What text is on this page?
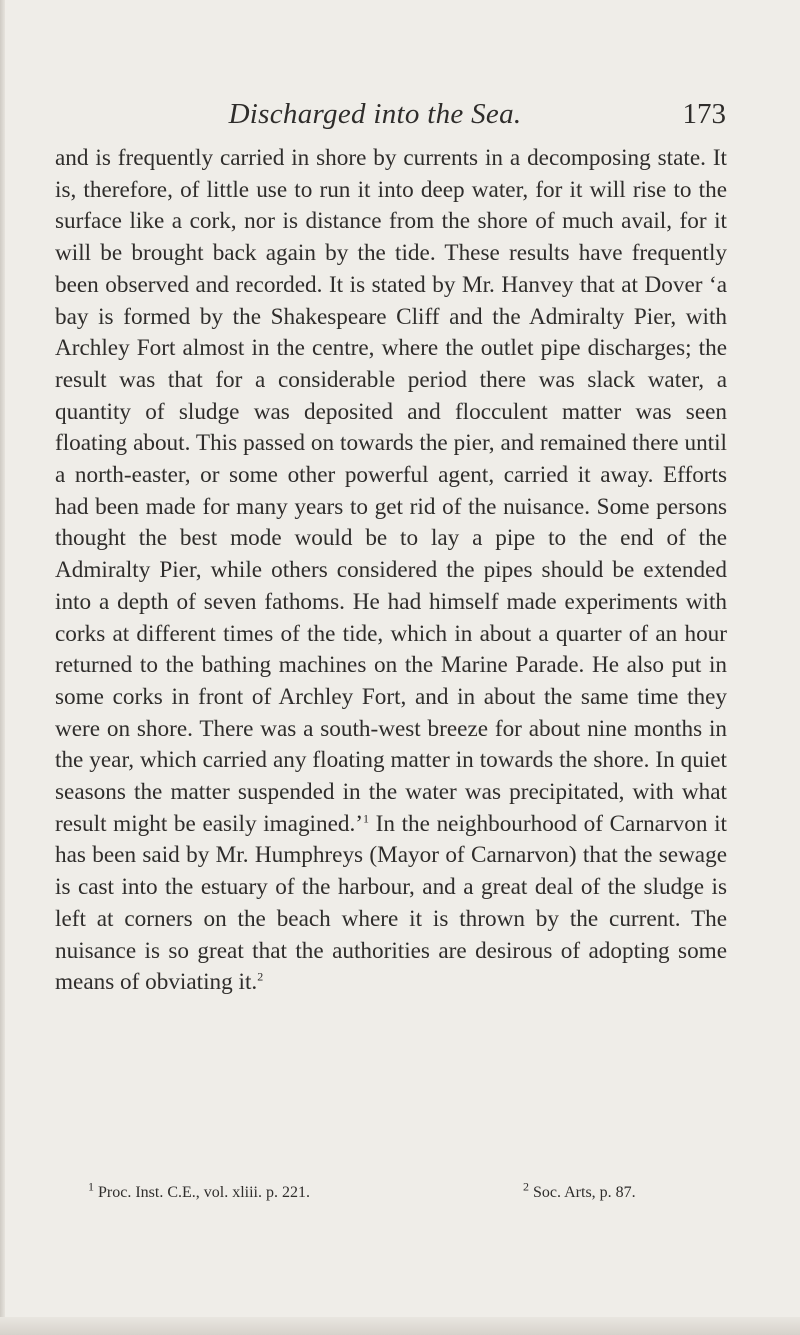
Discharged into the Sea.	173

and is frequently carried in shore by currents in a decomposing state. It is, therefore, of little use to run it into deep water, for it will rise to the surface like a cork, nor is distance from the shore of much avail, for it will be brought back again by the tide. These results have frequently been observed and recorded. It is stated by Mr. Hanvey that at Dover ‘a bay is formed by the Shakespeare Cliff and the Admiralty Pier, with Archley Fort almost in the centre, where the outlet pipe discharges; the result was that for a considerable period there was slack water, a quantity of sludge was deposited and flocculent matter was seen floating about. This passed on towards the pier, and remained there until a north-easter, or some other powerful agent, carried it away. Efforts had been made for many years to get rid of the nuisance. Some persons thought the best mode would be to lay a pipe to the end of the Admiralty Pier, while others considered the pipes should be extended into a depth of seven fathoms. He had himself made experiments with corks at different times of the tide, which in about a quarter of an hour returned to the bathing machines on the Marine Parade. He also put in some corks in front of Archley Fort, and in about the same time they were on shore. There was a south-west breeze for about nine months in the year, which carried any floating matter in towards the shore. In quiet seasons the matter suspended in the water was precipitated, with what result might be easily imagined.’$^1$ In the neighbourhood of Carnarvon it has been said by Mr. Humphreys (Mayor of Carnarvon) that the sewage is cast into the estuary of the harbour, and a great deal of the sludge is left at corners on the beach where it is thrown by the current. The nuisance is so great that the authorities are desirous of adopting some means of obviating it.$^2$

$^1$ Proc. Inst. C.E., vol. xliii. p. 221.	$^2$ Soc. Arts, p. 87.
